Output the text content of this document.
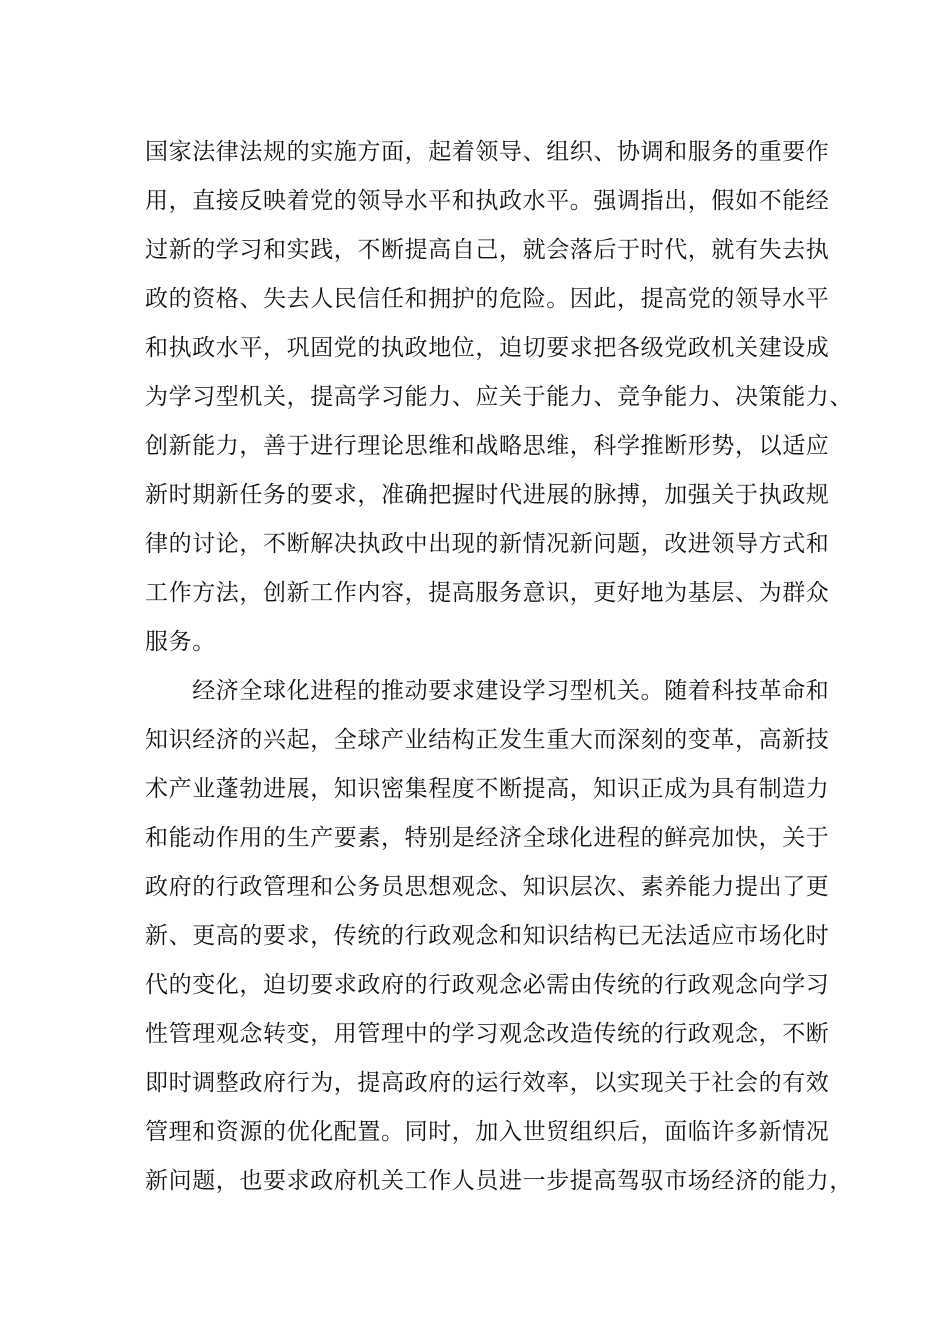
国家法律法规的实施方面，起着领导、组织、协调和服务的重要作
用，直接反映着党的领导水平和执政水平。强调指出，假如不能经
过新的学习和实践，不断提高自己，就会落后于时代，就有失去执
政的资格、失去人民信任和拥护的危险。因此，提高党的领导水平
和执政水平，巩固党的执政地位，迫切要求把各级党政机关建设成
为学习型机关，提高学习能力、应关于能力、竞争能力、决策能力、
创新能力，善于进行理论思维和战略思维，科学推断形势，以适应
新时期新任务的要求，准确把握时代进展的脉搏，加强关于执政规
律的讨论，不断解决执政中出现的新情况新问题，改进领导方式和
工作方法，创新工作内容，提高服务意识，更好地为基层、为群众
服务。
　　经济全球化进程的推动要求建设学习型机关。随着科技革命和
知识经济的兴起，全球产业结构正发生重大而深刻的变革，高新技
术产业蓬勃进展，知识密集程度不断提高，知识正成为具有制造力
和能动作用的生产要素，特别是经济全球化进程的鲜亮加快，关于
政府的行政管理和公务员思想观念、知识层次、素养能力提出了更
新、更高的要求，传统的行政观念和知识结构已无法适应市场化时
代的变化，迫切要求政府的行政观念必需由传统的行政观念向学习
性管理观念转变，用管理中的学习观念改造传统的行政观念，不断
即时调整政府行为，提高政府的运行效率，以实现关于社会的有效
管理和资源的优化配置。同时，加入世贸组织后，面临许多新情况
新问题，也要求政府机关工作人员进一步提高驾驭市场经济的能力，
